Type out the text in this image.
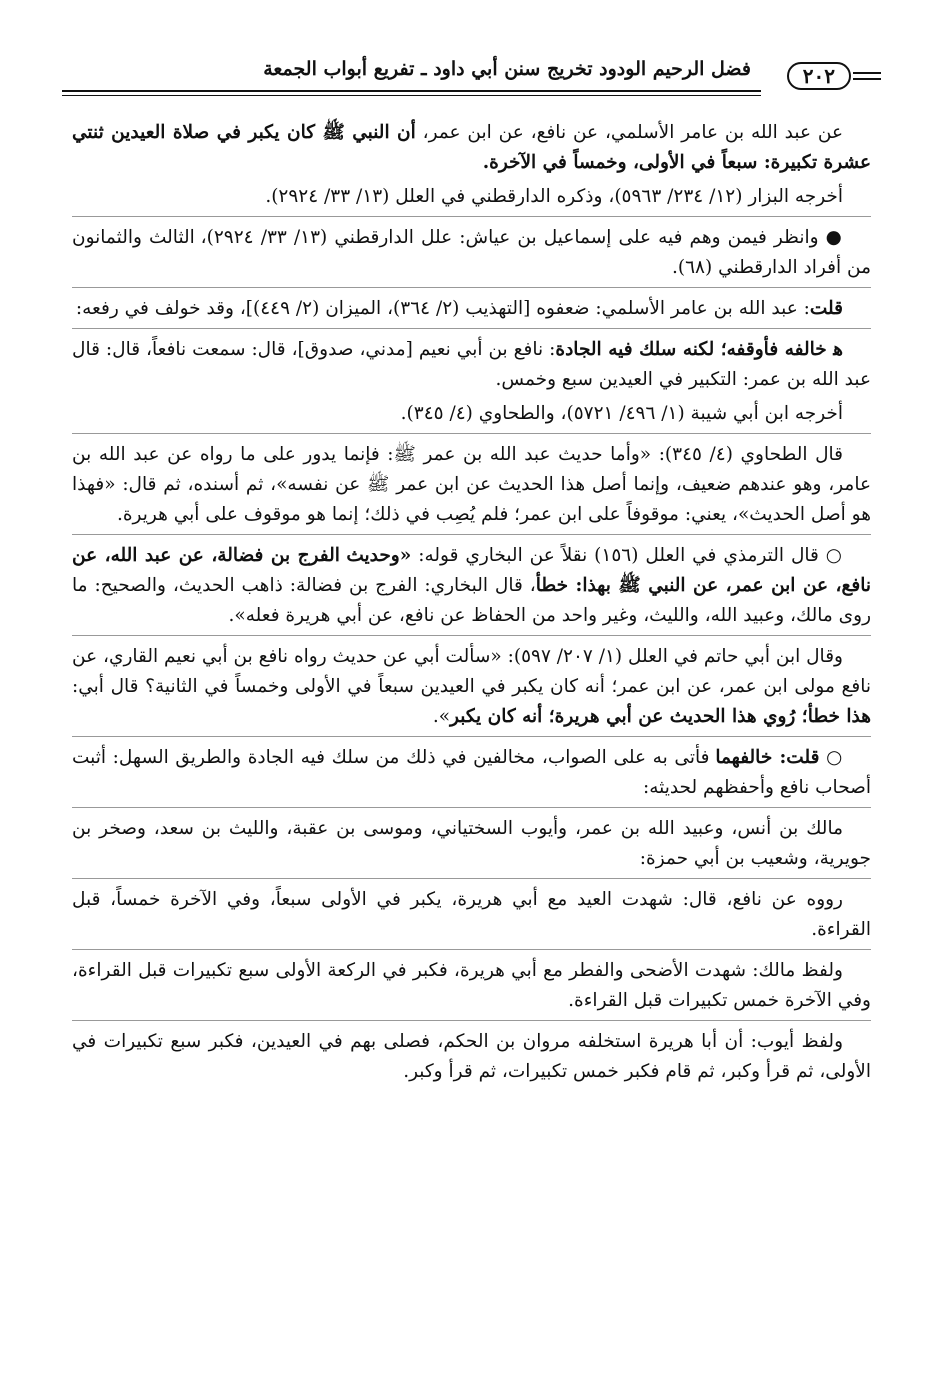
٢٠٢
فضل الرحيم الودود تخريج سنن أبي داود ـ تفريع أبواب الجمعة

عن عبد الله بن عامر الأسلمي، عن نافع، عن ابن عمر، أن النبي ﷺ كان يكبر في صلاة العيدين ثنتي عشرة تكبيرة: سبعاً في الأولى، وخمساً في الآخرة.

أخرجه البزار (١٢/ ٢٣٤/ ٥٩٦٣)، وذكره الدارقطني في العلل (١٣/ ٣٣/ ٢٩٢٤).

● وانظر فيمن وهم فيه على إسماعيل بن عياش: علل الدارقطني (١٣/ ٣٣/ ٢٩٢٤)، الثالث والثمانون من أفراد الدارقطني (٦٨).

قلت: عبد الله بن عامر الأسلمي: ضعفوه [التهذيب (٢/ ٣٦٤)، الميزان (٢/ ٤٤٩)]، وقد خولف في رفعه:

ﻫ خالفه فأوقفه؛ لكنه سلك فيه الجادة: نافع بن أبي نعيم [مدني، صدوق]، قال: سمعت نافعاً، قال: قال عبد الله بن عمر: التكبير في العيدين سبع وخمس.

أخرجه ابن أبي شيبة (١/ ٤٩٦/ ٥٧٢١)، والطحاوي (٤/ ٣٤٥).

قال الطحاوي (٤/ ٣٤٥): «وأما حديث عبد الله بن عمر ﷺ: فإنما يدور على ما رواه عن عبد الله بن عامر، وهو عندهم ضعيف، وإنما أصل هذا الحديث عن ابن عمر ﷺ عن نفسه»، ثم أسنده، ثم قال: «فهذا هو أصل الحديث»، يعني: موقوفاً على ابن عمر؛ فلم يُصِب في ذلك؛ إنما هو موقوف على أبي هريرة.

○ قال الترمذي في العلل (١٥٦) نقلاً عن البخاري قوله: «وحديث الفرج بن فضالة، عن عبد الله، عن نافع، عن ابن عمر، عن النبي ﷺ بهذا: خطأ، قال البخاري: الفرج بن فضالة: ذاهب الحديث، والصحيح: ما روى مالك، وعبيد الله، والليث، وغير واحد من الحفاظ عن نافع، عن أبي هريرة فعله».

وقال ابن أبي حاتم في العلل (١/ ٢٠٧/ ٥٩٧): «سألت أبي عن حديث رواه نافع بن أبي نعيم القاري، عن نافع مولى ابن عمر، عن ابن عمر؛ أنه كان يكبر في العيدين سبعاً في الأولى وخمساً في الثانية؟ قال أبي: هذا خطأ؛ رُوي هذا الحديث عن أبي هريرة؛ أنه كان يكبر».

○ قلت: خالفهما فأتى به على الصواب، مخالفين في ذلك من سلك فيه الجادة والطريق السهل: أثبت أصحاب نافع وأحفظهم لحديثه:

مالك بن أنس، وعبيد الله بن عمر، وأيوب السختياني، وموسى بن عقبة، والليث بن سعد، وصخر بن جويرية، وشعيب بن أبي حمزة:

رووه عن نافع، قال: شهدت العيد مع أبي هريرة، يكبر في الأولى سبعاً، وفي الآخرة خمساً، قبل القراءة.

ولفظ مالك: شهدت الأضحى والفطر مع أبي هريرة، فكبر في الركعة الأولى سبع تكبيرات قبل القراءة، وفي الآخرة خمس تكبيرات قبل القراءة.

ولفظ أيوب: أن أبا هريرة استخلفه مروان بن الحكم، فصلى بهم في العيدين، فكبر سبع تكبيرات في الأولى، ثم قرأ وكبر، ثم قام فكبر خمس تكبيرات، ثم قرأ وكبر.
